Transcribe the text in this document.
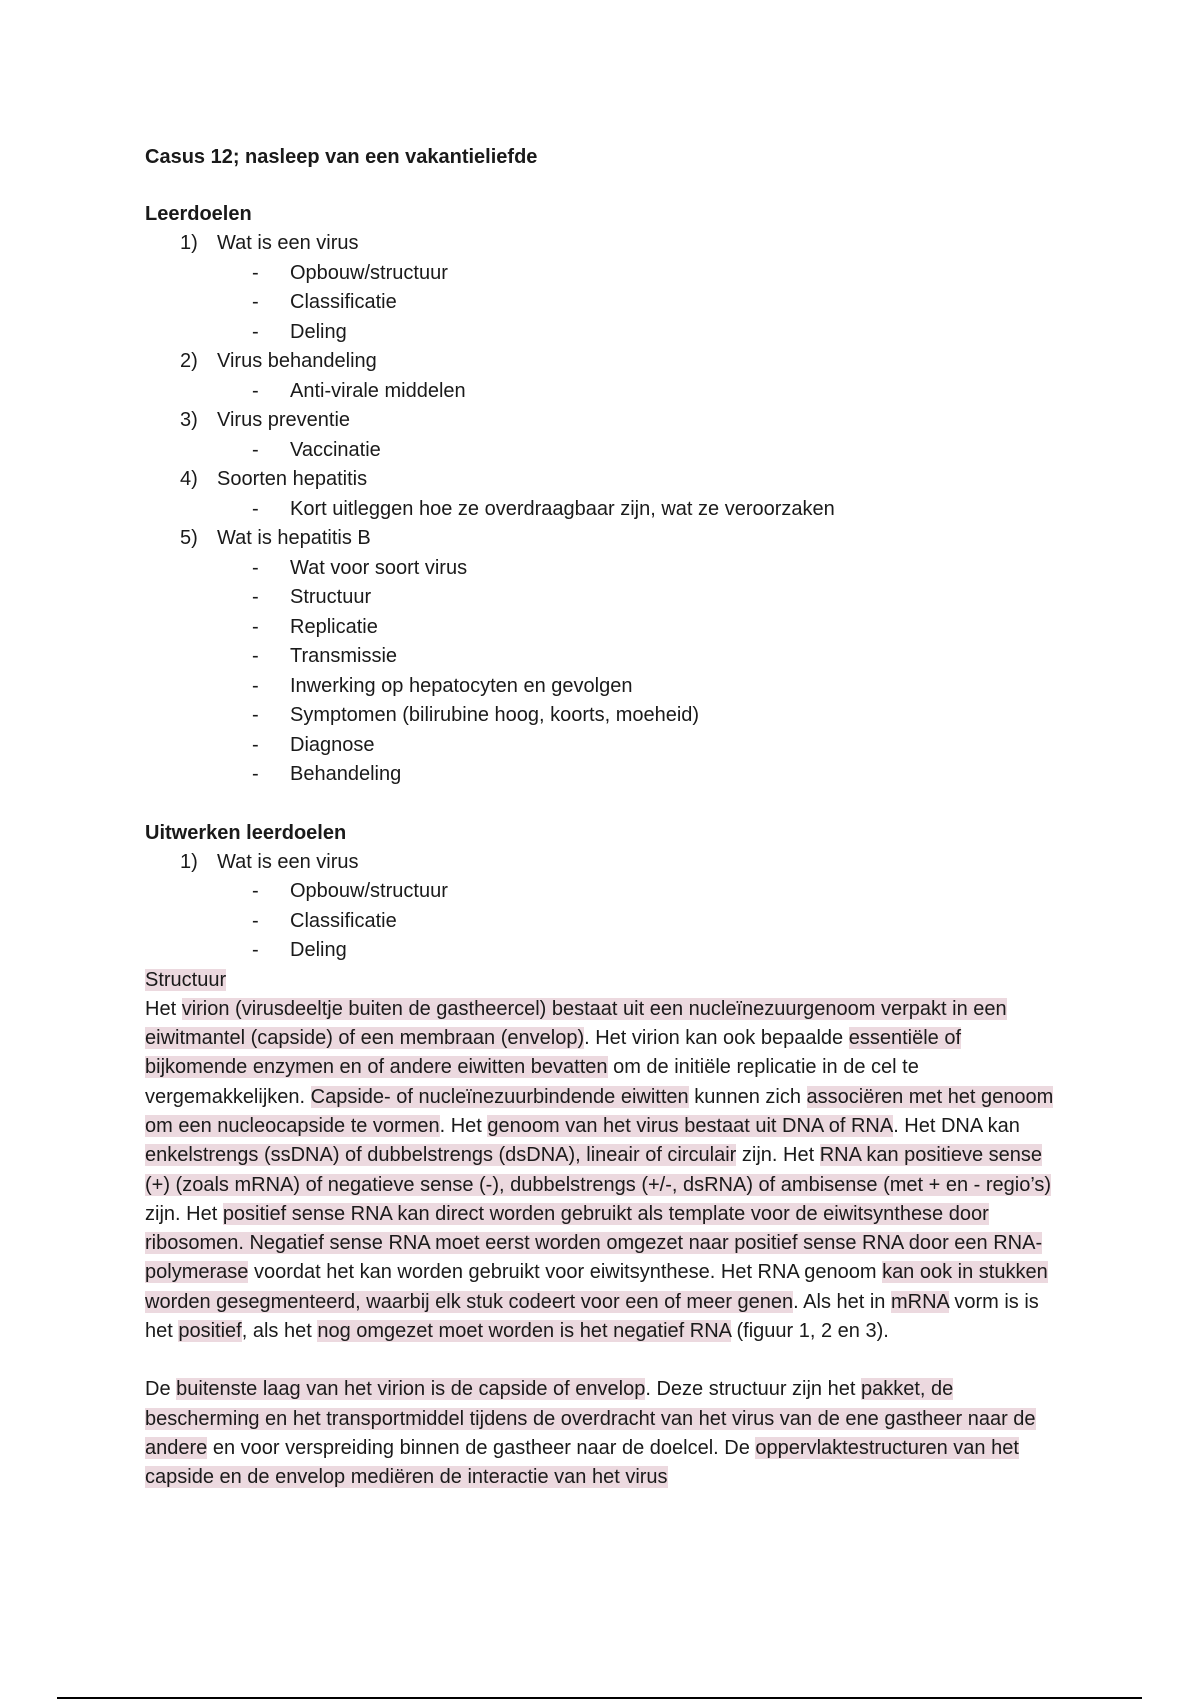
Casus 12; nasleep van een vakantieliefde
Leerdoelen
1) Wat is een virus
- Opbouw/structuur
- Classificatie
- Deling
2) Virus behandeling
- Anti-virale middelen
3) Virus preventie
- Vaccinatie
4) Soorten hepatitis
- Kort uitleggen hoe ze overdraagbaar zijn, wat ze veroorzaken
5) Wat is hepatitis B
- Wat voor soort virus
- Structuur
- Replicatie
- Transmissie
- Inwerking op hepatocyten en gevolgen
- Symptomen (bilirubine hoog, koorts, moeheid)
- Diagnose
- Behandeling
Uitwerken leerdoelen
1) Wat is een virus
- Opbouw/structuur
- Classificatie
- Deling

Structuur

Het virion (virusdeeltje buiten de gastheercel) bestaat uit een nucleïnezuurgenoom verpakt in een eiwitmantel (capside) of een membraan (envelop). Het virion kan ook bepaalde essentiële of bijkomende enzymen en of andere eiwitten bevatten om de initiële replicatie in de cel te vergemakkelijken. Capside- of nucleïnezuurbindende eiwitten kunnen zich associëren met het genoom om een nucleocapside te vormen. Het genoom van het virus bestaat uit DNA of RNA. Het DNA kan enkelstrengs (ssDNA) of dubbelstrengs (dsDNA), lineair of circulair zijn. Het RNA kan positieve sense (+) (zoals mRNA) of negatieve sense (-), dubbelstrengs (+/-, dsRNA) of ambisense (met + en - regio’s) zijn. Het positief sense RNA kan direct worden gebruikt als template voor de eiwitsynthese door ribosomen. Negatief sense RNA moet eerst worden omgezet naar positief sense RNA door een RNA-polymerase voordat het kan worden gebruikt voor eiwitsynthese. Het RNA genoom kan ook in stukken worden gesegmenteerd, waarbij elk stuk codeert voor een of meer genen. Als het in mRNA vorm is is het positief, als het nog omgezet moet worden is het negatief RNA (figuur 1, 2 en 3).

De buitenste laag van het virion is de capside of envelop. Deze structuur zijn het pakket, de bescherming en het transportmiddel tijdens de overdracht van het virus van de ene gastheer naar de andere en voor verspreiding binnen de gastheer naar de doelcel. De oppervlaktestructuren van het capside en de envelop mediëren de interactie van het virus
